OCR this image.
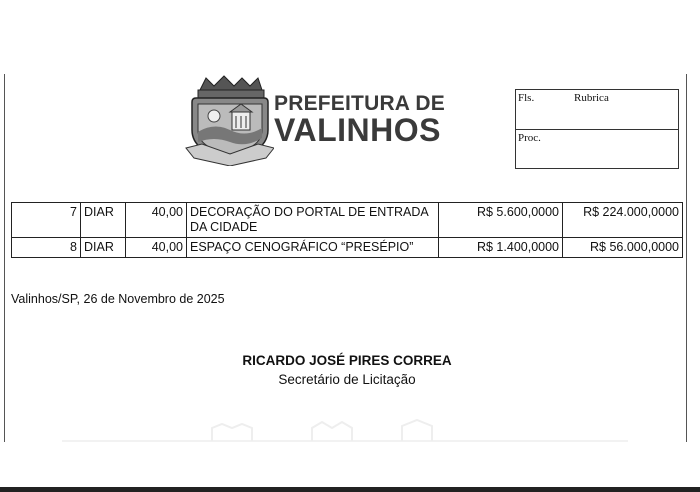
PREFEITURA DE
VALINHOS
Fls.	Rubrica
Proc.
7	DIAR	40,00	DECORAÇÃO DO PORTAL DE ENTRADA DA CIDADE	R$ 5.600,0000	R$ 224.000,0000
8	DIAR	40,00	ESPAÇO CENOGRÁFICO “PRESÉPIO”	R$ 1.400,0000	R$ 56.000,0000
Valinhos/SP, 26 de Novembro de 2025
RICARDO JOSÉ PIRES CORREA
Secretário de Licitação
